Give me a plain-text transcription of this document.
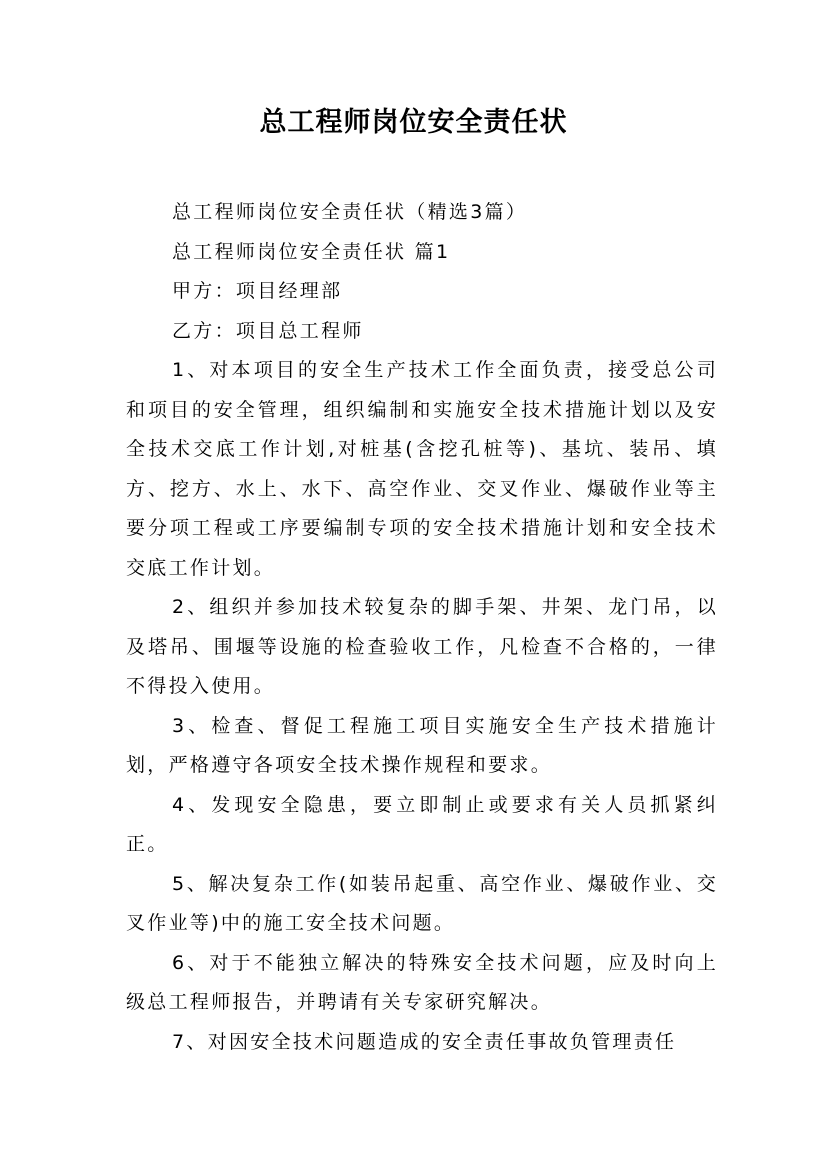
总工程师岗位安全责任状

总工程师岗位安全责任状（精选3篇）

总工程师岗位安全责任状 篇1

甲方：项目经理部

乙方：项目总工程师

1、对本项目的安全生产技术工作全面负责，接受总公司和项目的安全管理，组织编制和实施安全技术措施计划以及安全技术交底工作计划,对桩基(含挖孔桩等)、基坑、装吊、填方、挖方、水上、水下、高空作业、交叉作业、爆破作业等主要分项工程或工序要编制专项的安全技术措施计划和安全技术交底工作计划。

2、组织并参加技术较复杂的脚手架、井架、龙门吊，以及塔吊、围堰等设施的检查验收工作，凡检查不合格的，一律不得投入使用。

3、检查、督促工程施工项目实施安全生产技术措施计划，严格遵守各项安全技术操作规程和要求。

4、发现安全隐患，要立即制止或要求有关人员抓紧纠正。

5、解决复杂工作(如装吊起重、高空作业、爆破作业、交叉作业等)中的施工安全技术问题。

6、对于不能独立解决的特殊安全技术问题，应及时向上级总工程师报告，并聘请有关专家研究解决。

7、对因安全技术问题造成的安全责任事故负管理责任
